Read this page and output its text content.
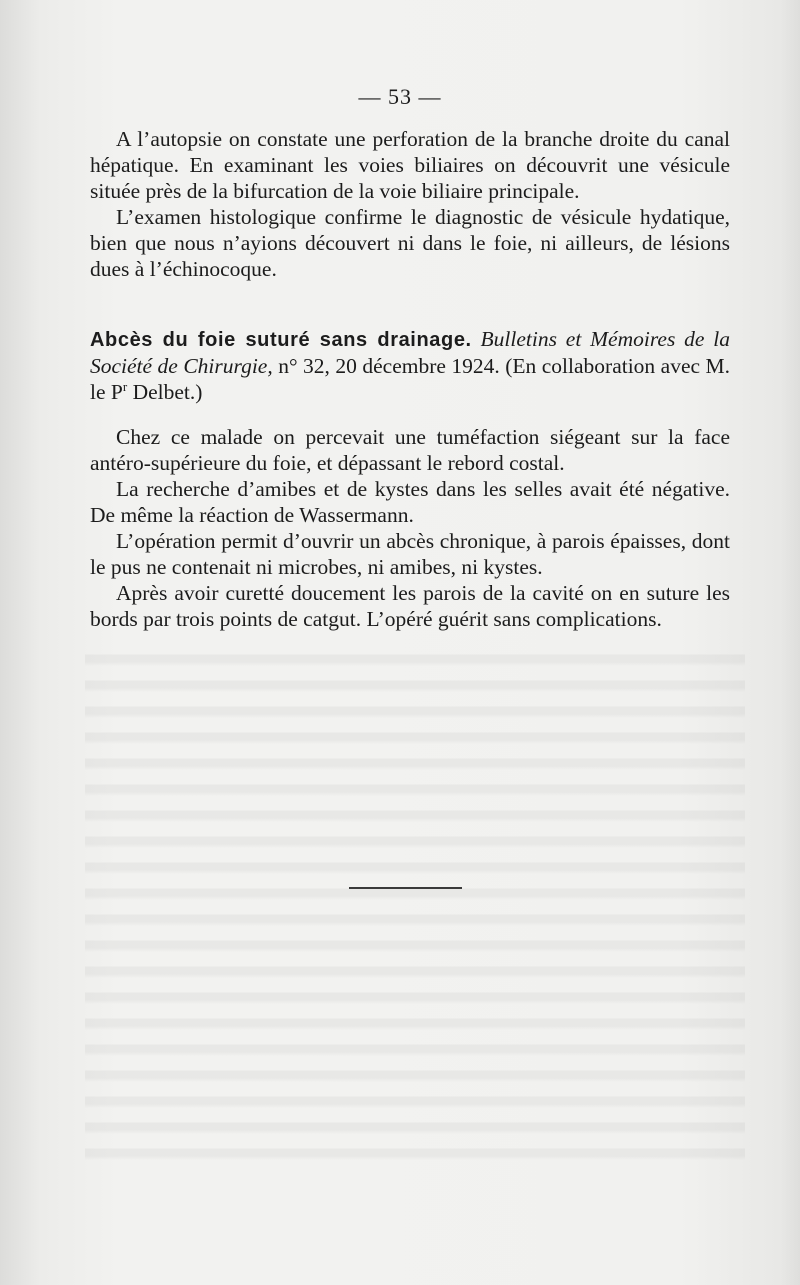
— 53 —

A l’autopsie on constate une perforation de la branche droite du canal hépatique. En examinant les voies biliaires on découvrit une vésicule située près de la bifurcation de la voie biliaire principale.

L’examen histologique confirme le diagnostic de vésicule hydatique, bien que nous n’ayions découvert ni dans le foie, ni ailleurs, de lésions dues à l’échinocoque.

Abcès du foie suturé sans drainage. Bulletins et Mémoires de la Société de Chirurgie, n° 32, 20 décembre 1924. (En collaboration avec M. le $P^r$ Delbet.)

Chez ce malade on percevait une tuméfaction siégeant sur la face antéro-supérieure du foie, et dépassant le rebord costal.

La recherche d’amibes et de kystes dans les selles avait été négative. De même la réaction de Wassermann.

L’opération permit d’ouvrir un abcès chronique, à parois épaisses, dont le pus ne contenait ni microbes, ni amibes, ni kystes.

Après avoir curetté doucement les parois de la cavité on en suture les bords par trois points de catgut. L’opéré guérit sans complications.
